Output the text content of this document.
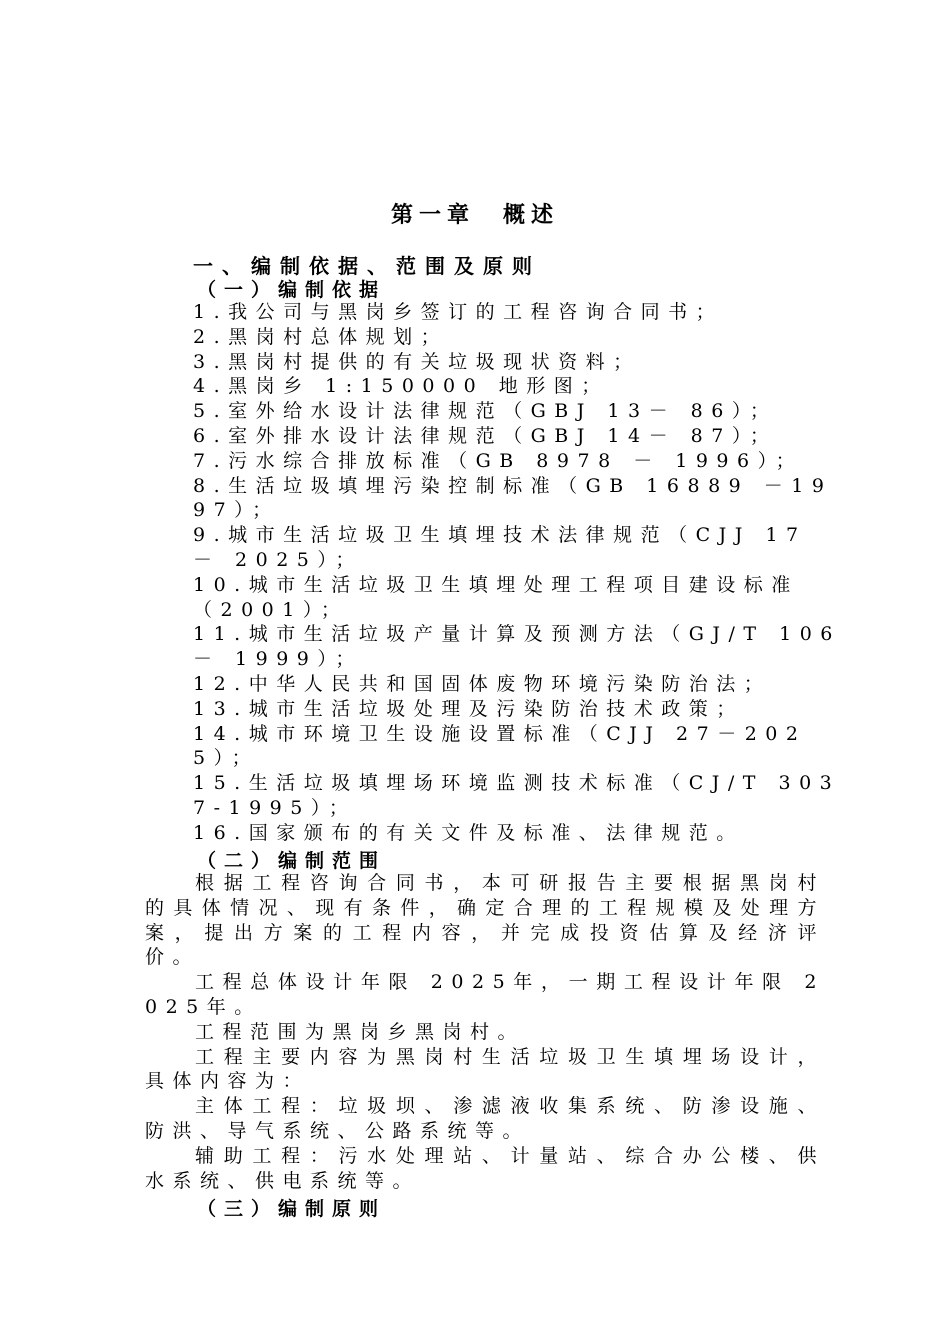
第一章 概述
一、编制依据、范围及原则
（一）编制依据
1.我公司与黑岗乡签订的工程咨询合同书；
2.黑岗村总体规划；
3.黑岗村提供的有关垃圾现状资料；
4.黑岗乡 1:150000 地形图；
5.室外给水设计法律规范（GBJ 13－ 86）；
6.室外排水设计法律规范（GBJ 14－ 87）；
7.污水综合排放标准（GB 8978 － 1996）；
8.生活垃圾填埋污染控制标准（GB 16889 －1997）；
9.城市生活垃圾卫生填埋技术法律规范（CJJ 17 － 2025）；
10.城市生活垃圾卫生填埋处理工程项目建设标准（2001）；
11.城市生活垃圾产量计算及预测方法（GJ/T 106－ 1999）；
12.中华人民共和国固体废物环境污染防治法；
13.城市生活垃圾处理及污染防治技术政策；
14.城市环境卫生设施设置标准（CJJ 27－2025）；
15.生活垃圾填埋场环境监测技术标准（CJ/T 3037-1995）；
16.国家颁布的有关文件及标准、法律规范。
（二）编制范围

根据工程咨询合同书，本可研报告主要根据黑岗村的具体情况、现有条件，确定合理的工程规模及处理方案，提出方案的工程内容，并完成投资估算及经济评价。

工程总体设计年限 2025年，一期工程设计年限 2025年。

工程范围为黑岗乡黑岗村。

工程主要内容为黑岗村生活垃圾卫生填埋场设计，具体内容为：

主体工程：垃圾坝、渗滤液收集系统、防渗设施、防洪、导气系统、公路系统等。

辅助工程：污水处理站、计量站、综合办公楼、供水系统、供电系统等。

（三）编制原则
